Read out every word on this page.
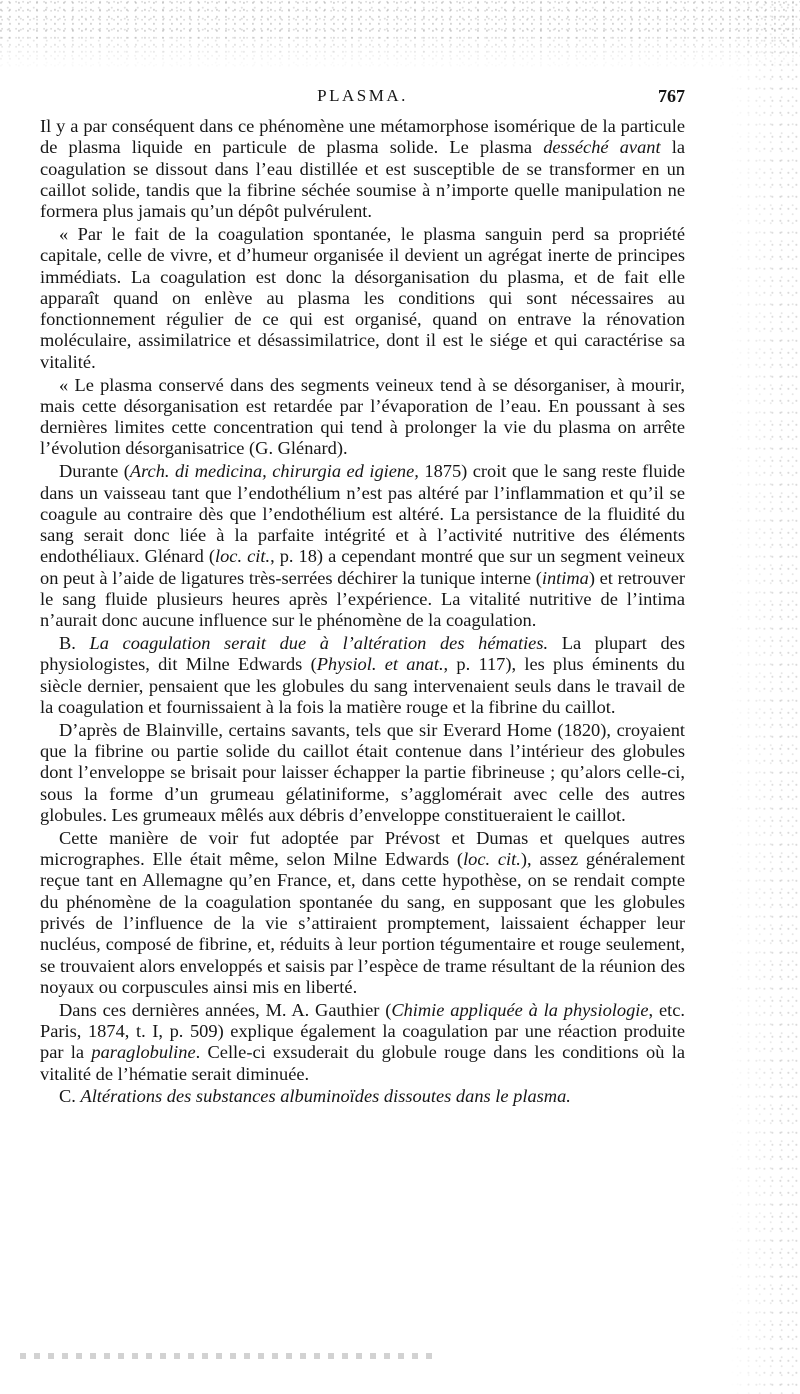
PLASMA.	767

Il y a par conséquent dans ce phénomène une métamorphose isomérique de la particule de plasma liquide en particule de plasma solide. Le plasma desséché avant la coagulation se dissout dans l’eau distillée et est susceptible de se transformer en un caillot solide, tandis que la fibrine séchée soumise à n’importe quelle manipulation ne formera plus jamais qu’un dépôt pulvérulent.

« Par le fait de la coagulation spontanée, le plasma sanguin perd sa propriété capitale, celle de vivre, et d’humeur organisée il devient un agrégat inerte de principes immédiats. La coagulation est donc la désorganisation du plasma, et de fait elle apparaît quand on enlève au plasma les conditions qui sont nécessaires au fonctionnement régulier de ce qui est organisé, quand on entrave la rénovation moléculaire, assimilatrice et désassimilatrice, dont il est le siége et qui caractérise sa vitalité.

« Le plasma conservé dans des segments veineux tend à se désorganiser, à mourir, mais cette désorganisation est retardée par l’évaporation de l’eau. En poussant à ses dernières limites cette concentration qui tend à prolonger la vie du plasma on arrête l’évolution désorganisatrice (G. Glénard).

Durante (Arch. di medicina, chirurgia ed igiene, 1875) croit que le sang reste fluide dans un vaisseau tant que l’endothélium n’est pas altéré par l’inflammation et qu’il se coagule au contraire dès que l’endothélium est altéré. La persistance de la fluidité du sang serait donc liée à la parfaite intégrité et à l’activité nutritive des éléments endothéliaux. Glénard (loc. cit., p. 18) a cependant montré que sur un segment veineux on peut à l’aide de ligatures très-serrées déchirer la tunique interne (intima) et retrouver le sang fluide plusieurs heures après l’expérience. La vitalité nutritive de l’intima n’aurait donc aucune influence sur le phénomène de la coagulation.

B. La coagulation serait due à l’altération des hématies. La plupart des physiologistes, dit Milne Edwards (Physiol. et anat., p. 117), les plus éminents du siècle dernier, pensaient que les globules du sang intervenaient seuls dans le travail de la coagulation et fournissaient à la fois la matière rouge et la fibrine du caillot.

D’après de Blainville, certains savants, tels que sir Everard Home (1820), croyaient que la fibrine ou partie solide du caillot était contenue dans l’intérieur des globules dont l’enveloppe se brisait pour laisser échapper la partie fibrineuse ; qu’alors celle-ci, sous la forme d’un grumeau gélatiniforme, s’agglomérait avec celle des autres globules. Les grumeaux mêlés aux débris d’enveloppe constitueraient le caillot.

Cette manière de voir fut adoptée par Prévost et Dumas et quelques autres micrographes. Elle était même, selon Milne Edwards (loc. cit.), assez généralement reçue tant en Allemagne qu’en France, et, dans cette hypothèse, on se rendait compte du phénomène de la coagulation spontanée du sang, en supposant que les globules privés de l’influence de la vie s’attiraient promptement, laissaient échapper leur nucléus, composé de fibrine, et, réduits à leur portion tégumentaire et rouge seulement, se trouvaient alors enveloppés et saisis par l’espèce de trame résultant de la réunion des noyaux ou corpuscules ainsi mis en liberté.

Dans ces dernières années, M. A. Gauthier (Chimie appliquée à la physiologie, etc. Paris, 1874, t. I, p. 509) explique également la coagulation par une réaction produite par la paraglobuline. Celle-ci exsuderait du globule rouge dans les conditions où la vitalité de l’hématie serait diminuée.

C. Altérations des substances albuminoïdes dissoutes dans le plasma.
